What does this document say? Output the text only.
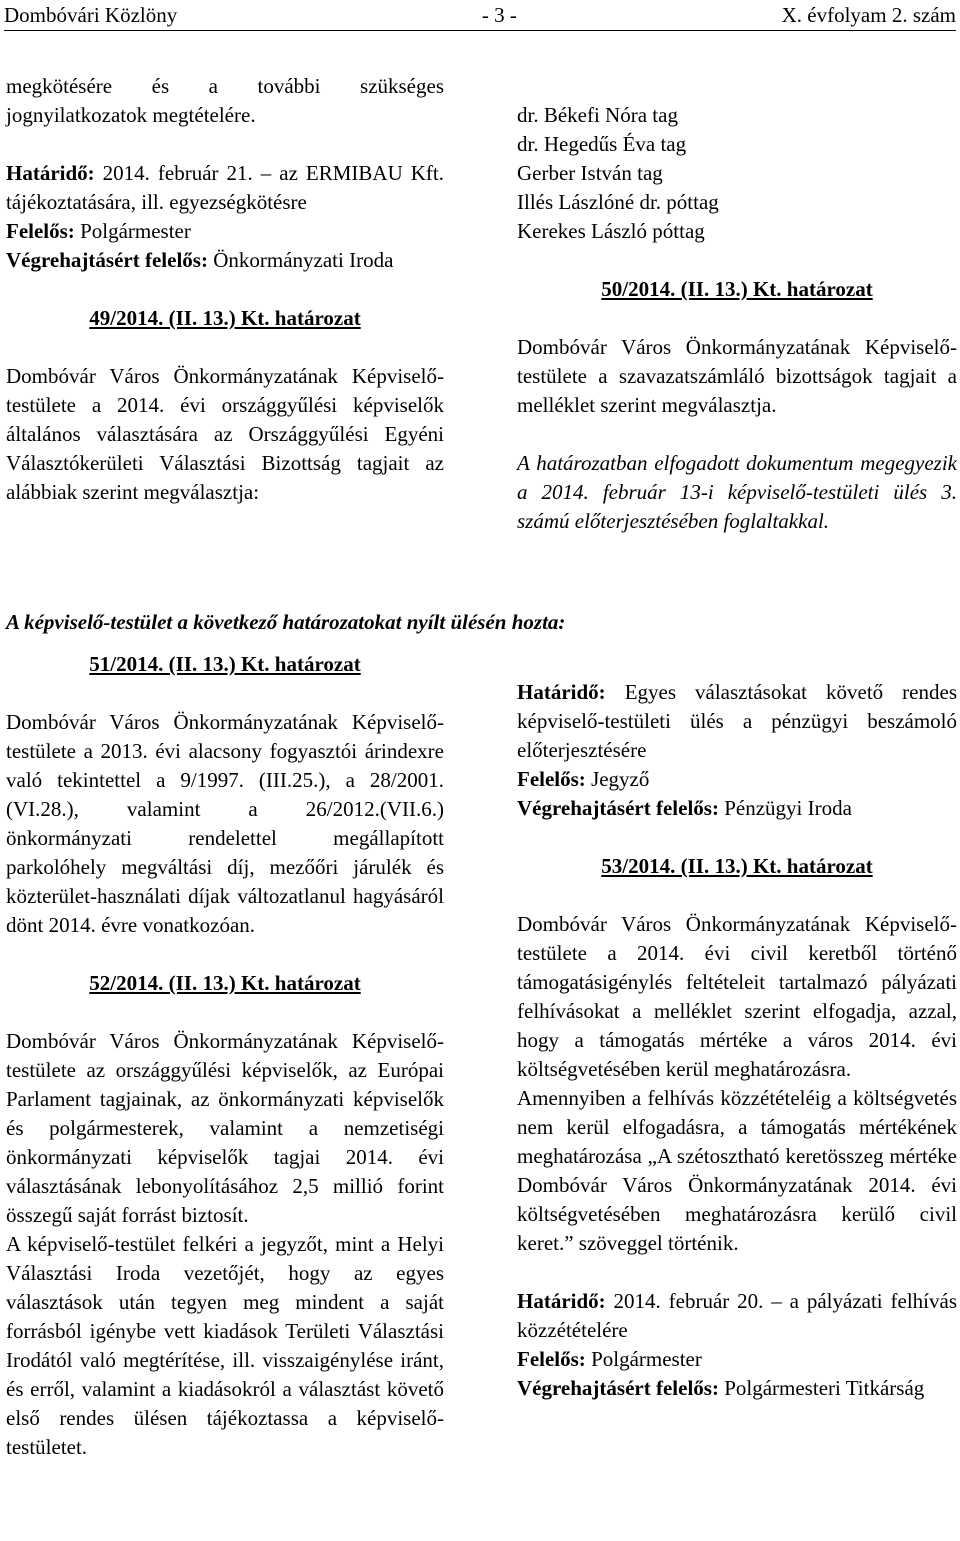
Dombóvári Közlöny	- 3 -	X. évfolyam 2. szám

megkötésére és a további szükséges jognyilatkozatok megtételére.

Határidő: 2014. február 21. – az ERMIBAU Kft. tájékoztatására, ill. egyezségkötésre

Felelős: Polgármester

Végrehajtásért felelős: Önkormányzati Iroda

49/2014. (II. 13.) Kt. határozat

Dombóvár Város Önkormányzatának Képviselő-testülete a 2014. évi országgyűlési képviselők általános választására az Országgyűlési Egyéni Választókerületi Választási Bizottság tagjait az alábbiak szerint megválasztja:

dr. Békefi Nóra tag

dr. Hegedűs Éva tag

Gerber István tag

Illés Lászlóné dr. póttag

Kerekes László póttag

50/2014. (II. 13.) Kt. határozat

Dombóvár Város Önkormányzatának Képviselő-testülete a szavazatszámláló bizottságok tagjait a melléklet szerint megválasztja.

A határozatban elfogadott dokumentum megegyezik a 2014. február 13-i képviselő-testületi ülés 3. számú előterjesztésében foglaltakkal.

A képviselő-testület a következő határozatokat nyílt ülésén hozta:

51/2014. (II. 13.) Kt. határozat

Dombóvár Város Önkormányzatának Képviselő-testülete a 2013. évi alacsony fogyasztói árindexre való tekintettel a 9/1997. (III.25.), a 28/2001.(VI.28.), valamint a 26/2012.(VII.6.) önkormányzati rendelettel megállapított parkolóhely megváltási díj, mezőőri járulék és közterület-használati díjak változatlanul hagyásáról dönt 2014. évre vonatkozóan.

52/2014. (II. 13.) Kt. határozat

Dombóvár Város Önkormányzatának Képviselő-testülete az országgyűlési képviselők, az Európai Parlament tagjainak, az önkormányzati képviselők és polgármesterek, valamint a nemzetiségi önkormányzati képviselők tagjai 2014. évi választásának lebonyolításához 2,5 millió forint összegű saját forrást biztosít.

A képviselő-testület felkéri a jegyzőt, mint a Helyi Választási Iroda vezetőjét, hogy az egyes választások után tegyen meg mindent a saját forrásból igénybe vett kiadások Területi Választási Irodától való megtérítése, ill. visszaigénylése iránt, és erről, valamint a kiadásokról a választást követő első rendes ülésen tájékoztassa a képviselő-testületet.

Határidő: Egyes választásokat követő rendes képviselő-testületi ülés a pénzügyi beszámoló előterjesztésére

Felelős: Jegyző

Végrehajtásért felelős: Pénzügyi Iroda

53/2014. (II. 13.) Kt. határozat

Dombóvár Város Önkormányzatának Képviselő-testülete a 2014. évi civil keretből történő támogatásigénylés feltételeit tartalmazó pályázati felhívásokat a melléklet szerint elfogadja, azzal, hogy a támogatás mértéke a város 2014. évi költségvetésében kerül meghatározásra.

Amennyiben a felhívás közzétételéig a költségvetés nem kerül elfogadásra, a támogatás mértékének meghatározása „A szétosztható keretösszeg mértéke Dombóvár Város Önkormányzatának 2014. évi költségvetésében meghatározásra kerülő civil keret.” szöveggel történik.

Határidő: 2014. február 20. – a pályázati felhívás közzétételére

Felelős: Polgármester

Végrehajtásért felelős: Polgármesteri Titkárság
